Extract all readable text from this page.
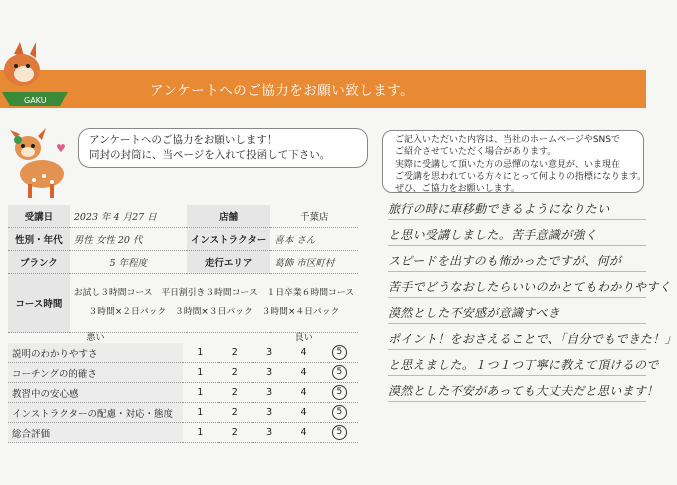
アンケートへのご協力をお願い致します。
GAKU
♥
アンケートへのご協力をお願いします！
同封の封筒に、当ページを入れて投函して下さい。
ご記入いただいた内容は、当社のホームページやSNSで
ご紹介させていただく場合があります。
実際に受講して頂いた方の忌憚のない意見が、いま現在
ご受講を思われている方々にとって何よりの指標になります。
ぜひ、ご協力をお願いします。
受講日	2023 年 4 月27 日	店舗	千葉店
性別・年代	男性 女性 20 代	インストラクター	喜本 さん
ブランク	5 年程度	走行エリア	葛飾 市区町村
コース時間	お試し３時間コース　平日割引き３時間コース　１日卒業６時間コース
３時間×２日パック　３時間×３日パック　３時間×４日パック		
	悪い				良い
説明のわかりやすさ	1	2	3	4	5
コーチングの的確さ	1	2	3	4	5
教習中の安心感	1	2	3	4	5
インストラクターの配慮・対応・態度	1	2	3	4	5
総合評価	1	2	3	4	5
旅行の時に車移動できるようになりたい
と思い受講しました。苦手意識が強く
スピードを出すのも怖かったですが、何が
苦手でどうなおしたらいいのかとてもわかりやすく
漠然とした不安感が意識すべき
ポイント！をおさえることで、「自分でもできた！」
と思えました。１つ１つ丁寧に教えて頂けるので
漠然とした不安があっても大丈夫だと思います！
